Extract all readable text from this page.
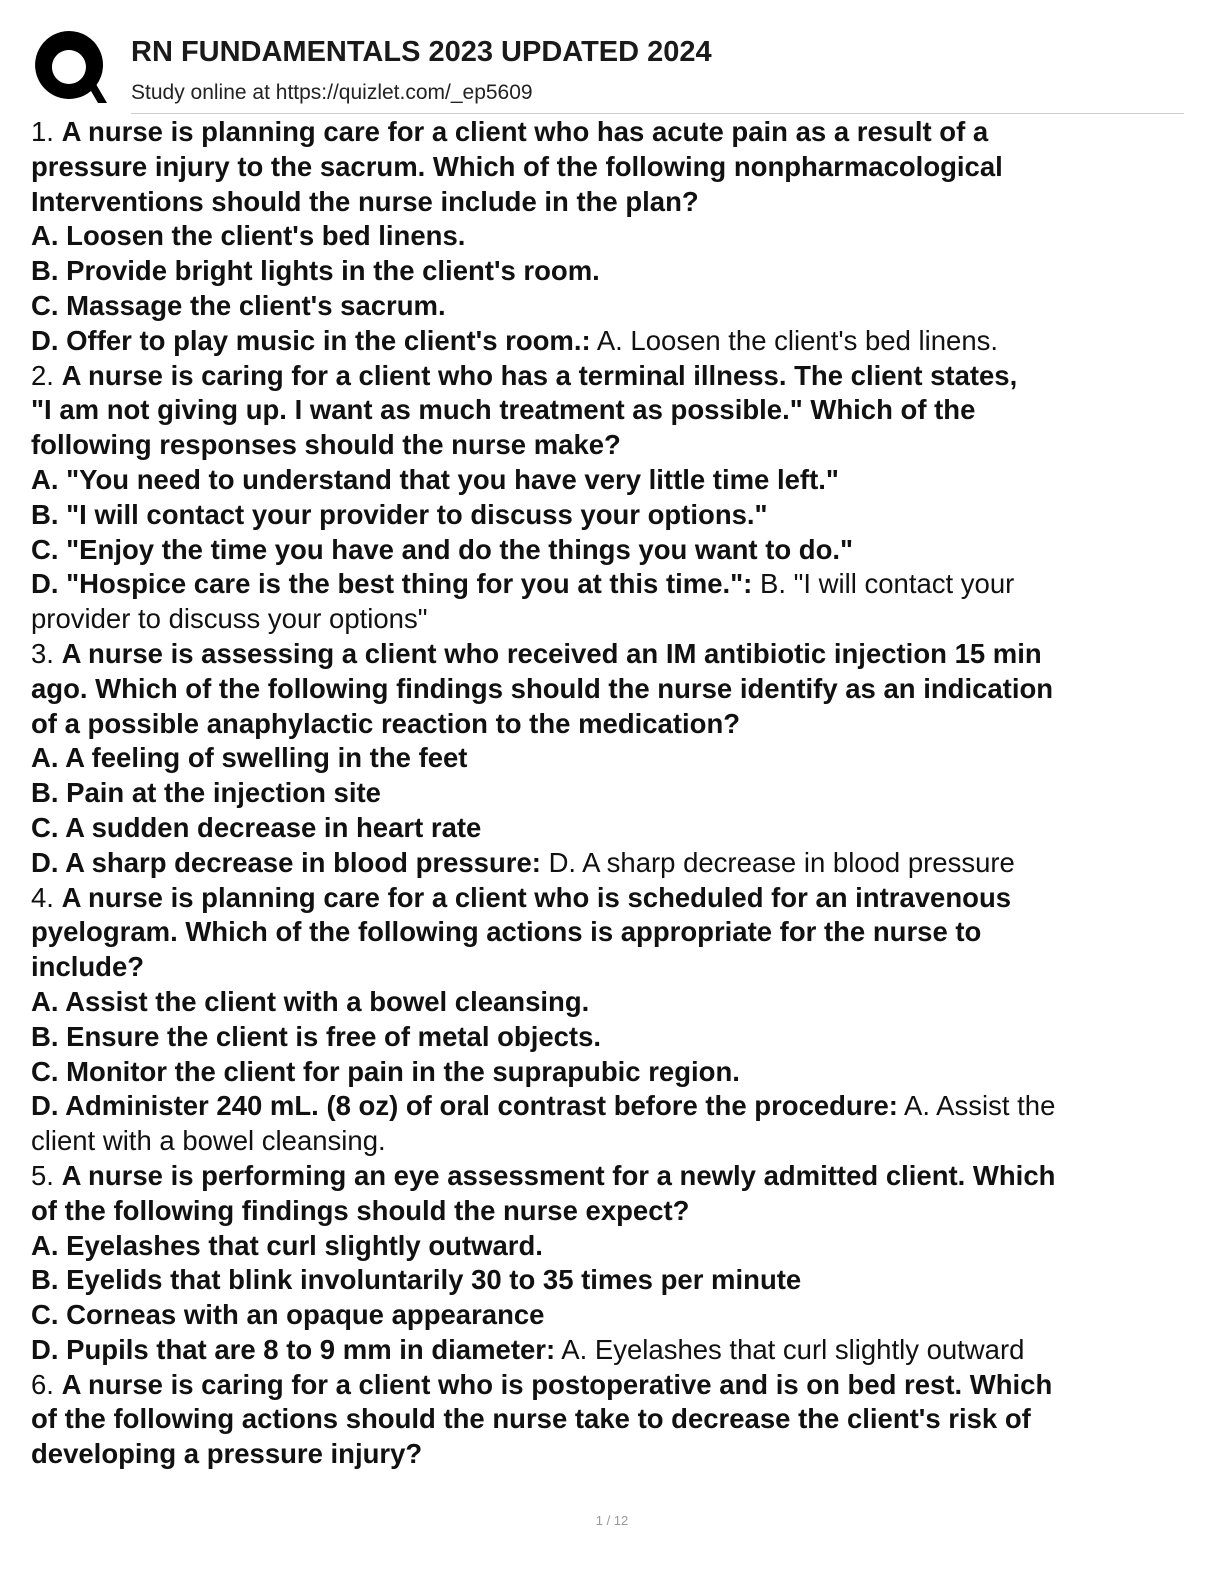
RN FUNDAMENTALS 2023 UPDATED 2024
Study online at https://quizlet.com/_ep5609
1. A nurse is planning care for a client who has acute pain as a result of a
pressure injury to the sacrum. Which of the following nonpharmacological
Interventions should the nurse include in the plan?
A. Loosen the client's bed linens.
B. Provide bright lights in the client's room.
C. Massage the client's sacrum.
D. Offer to play music in the client's room.: A. Loosen the client's bed linens.
2. A nurse is caring for a client who has a terminal illness. The client states,
"I am not giving up. I want as much treatment as possible." Which of the
following responses should the nurse make?
A. "You need to understand that you have very little time left."
B. "I will contact your provider to discuss your options."
C. "Enjoy the time you have and do the things you want to do."
D. "Hospice care is the best thing for you at this time.": B. "I will contact your
provider to discuss your options"
3. A nurse is assessing a client who received an IM antibiotic injection 15 min
ago. Which of the following findings should the nurse identify as an indication
of a possible anaphylactic reaction to the medication?
A. A feeling of swelling in the feet
B. Pain at the injection site
C. A sudden decrease in heart rate
D. A sharp decrease in blood pressure: D. A sharp decrease in blood pressure
4. A nurse is planning care for a client who is scheduled for an intravenous
pyelogram. Which of the following actions is appropriate for the nurse to
include?
A. Assist the client with a bowel cleansing.
B. Ensure the client is free of metal objects.
C. Monitor the client for pain in the suprapubic region.
D. Administer 240 mL. (8 oz) of oral contrast before the procedure: A. Assist the
client with a bowel cleansing.
5. A nurse is performing an eye assessment for a newly admitted client. Which
of the following findings should the nurse expect?
A. Eyelashes that curl slightly outward.
B. Eyelids that blink involuntarily 30 to 35 times per minute
C. Corneas with an opaque appearance
D. Pupils that are 8 to 9 mm in diameter: A. Eyelashes that curl slightly outward
6. A nurse is caring for a client who is postoperative and is on bed rest. Which
of the following actions should the nurse take to decrease the client's risk of
developing a pressure injury?
1 / 12
